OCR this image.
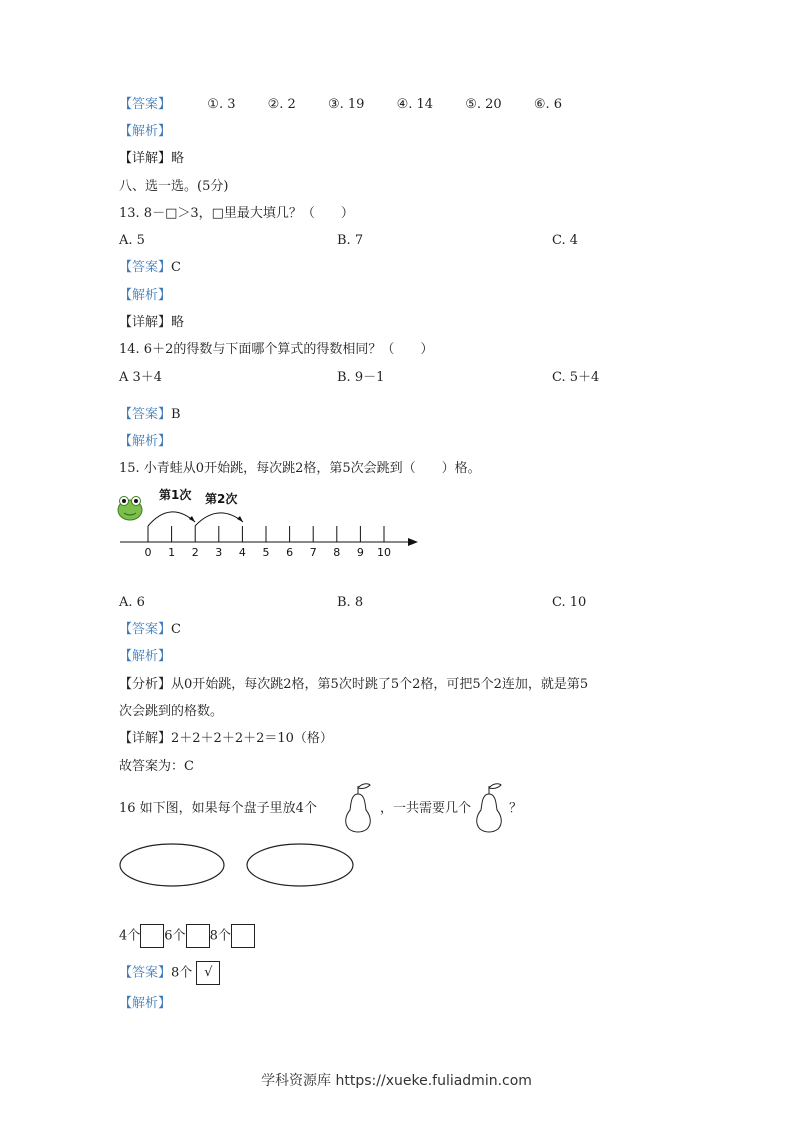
【答案】	①. 3 ②. 2 ③. 19 ④. 14 ⑤. 20 ⑥. 6
【解析】
【详解】略
八、选一选。(5分)
13. 8－□＞3，□里最大填几？（　　）
A. 5	B. 7	C. 4
【答案】C
【解析】
【详解】略
14. 6＋2的得数与下面哪个算式的得数相同？（　　）
A 3＋4	B. 9－1	C. 5＋4
【答案】B
【解析】
15. 小青蛙从0开始跳，每次跳2格，第5次会跳到（　　）格。
第1次 第2次
0 1 2 3 4 5 6 7 8 9 10
A. 6	B. 8	C. 10
【答案】C
【解析】
【分析】从0开始跳，每次跳2格，第5次时跳了5个2格，可把5个2连加，就是第5
次会跳到的格数。
【详解】2＋2＋2＋2＋2＝10（格）
故答案为：C
16 如下图，如果每个盘子里放4个	，一共需要几个	？
4个 6个 8个
【答案】8个 √
【解析】
学科资源库 https://xueke.fuliadmin.com
